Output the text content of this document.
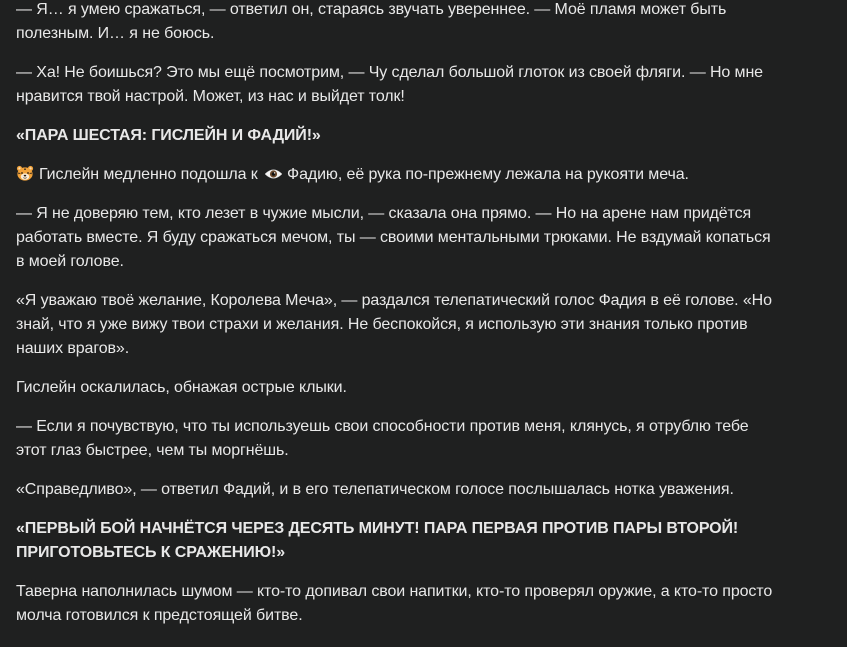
— Я… я умею сражаться, — ответил он, стараясь звучать увереннее. — Моё пламя может быть полезным. И… я не боюсь.

— Ха! Не боишься? Это мы ещё посмотрим, — Чу сделал большой глоток из своей фляги. — Но мне нравится твой настрой. Может, из нас и выйдет толк!

«ПАРА ШЕСТАЯ: ГИСЛЕЙН И ФАДИЙ!»

Гислейн медленно подошла к Фадию, её рука по-прежнему лежала на рукояти меча.

— Я не доверяю тем, кто лезет в чужие мысли, — сказала она прямо. — Но на арене нам придётся работать вместе. Я буду сражаться мечом, ты — своими ментальными трюками. Не вздумай копаться в моей голове.

«Я уважаю твоё желание, Королева Меча», — раздался телепатический голос Фадия в её голове. «Но знай, что я уже вижу твои страхи и желания. Не беспокойся, я использую эти знания только против наших врагов».

Гислейн оскалилась, обнажая острые клыки.

— Если я почувствую, что ты используешь свои способности против меня, клянусь, я отрублю тебе этот глаз быстрее, чем ты моргнёшь.

«Справедливо», — ответил Фадий, и в его телепатическом голосе послышалась нотка уважения.

«ПЕРВЫЙ БОЙ НАЧНЁТСЯ ЧЕРЕЗ ДЕСЯТЬ МИНУТ! ПАРА ПЕРВАЯ ПРОТИВ ПАРЫ ВТОРОЙ! ПРИГОТОВЬТЕСЬ К СРАЖЕНИЮ!»

Таверна наполнилась шумом — кто-то допивал свои напитки, кто-то проверял оружие, а кто-то просто молча готовился к предстоящей битве.
